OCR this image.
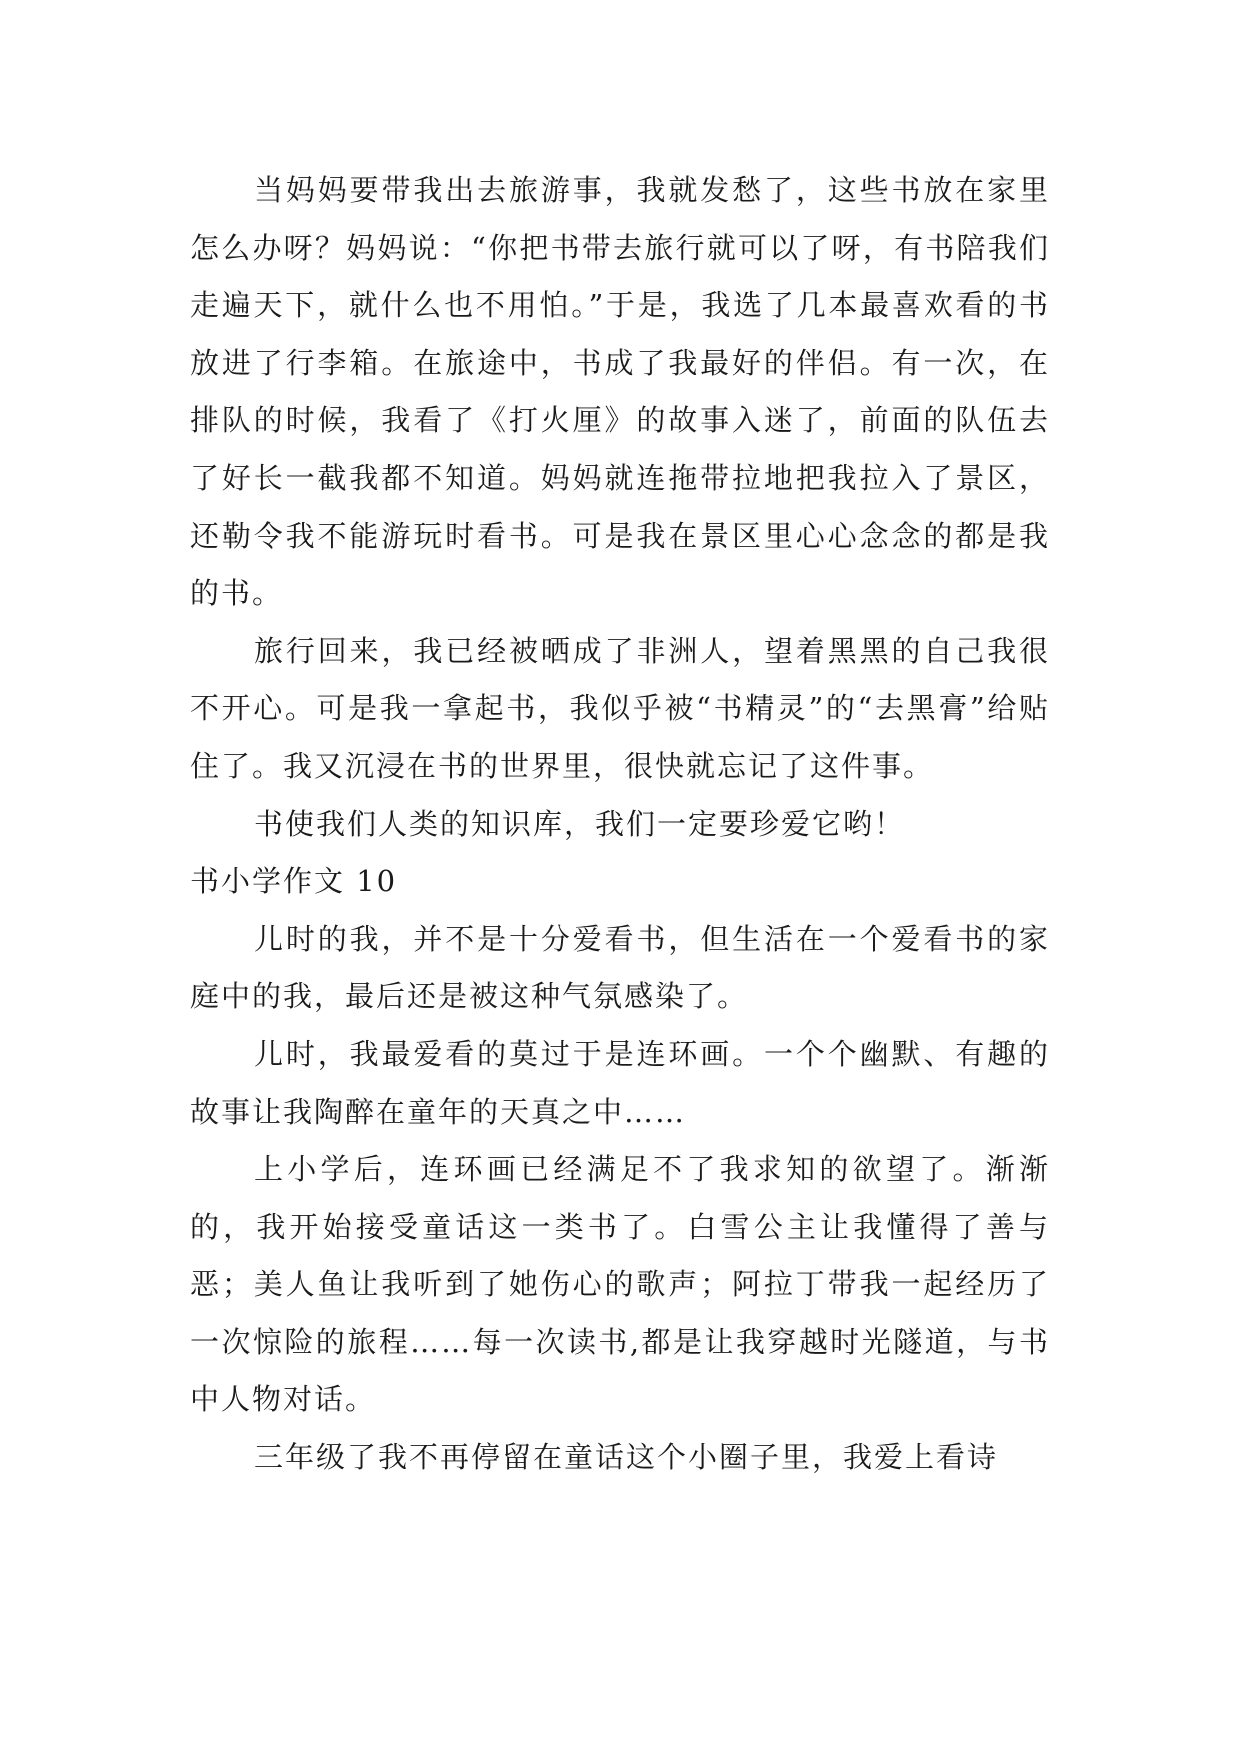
当妈妈要带我出去旅游事，我就发愁了，这些书放在家里怎么办呀？妈妈说：“你把书带去旅行就可以了呀，有书陪我们走遍天下，就什么也不用怕。”于是，我选了几本最喜欢看的书放进了行李箱。在旅途中，书成了我最好的伴侣。有一次，在排队的时候，我看了《打火厘》的故事入迷了，前面的队伍去了好长一截我都不知道。妈妈就连拖带拉地把我拉入了景区，还勒令我不能游玩时看书。可是我在景区里心心念念的都是我的书。

旅行回来，我已经被晒成了非洲人，望着黑黑的自己我很不开心。可是我一拿起书，我似乎被“书精灵”的“去黑膏”给贴住了。我又沉浸在书的世界里，很快就忘记了这件事。

书使我们人类的知识库，我们一定要珍爱它哟！

书小学作文 10

儿时的我，并不是十分爱看书，但生活在一个爱看书的家庭中的我，最后还是被这种气氛感染了。

儿时，我最爱看的莫过于是连环画。一个个幽默、有趣的故事让我陶醉在童年的天真之中……

上小学后，连环画已经满足不了我求知的欲望了。渐渐的，我开始接受童话这一类书了。白雪公主让我懂得了善与恶；美人鱼让我听到了她伤心的歌声；阿拉丁带我一起经历了一次惊险的旅程……每一次读书,都是让我穿越时光隧道，与书中人物对话。

三年级了我不再停留在童话这个小圈子里，我爱上看诗
